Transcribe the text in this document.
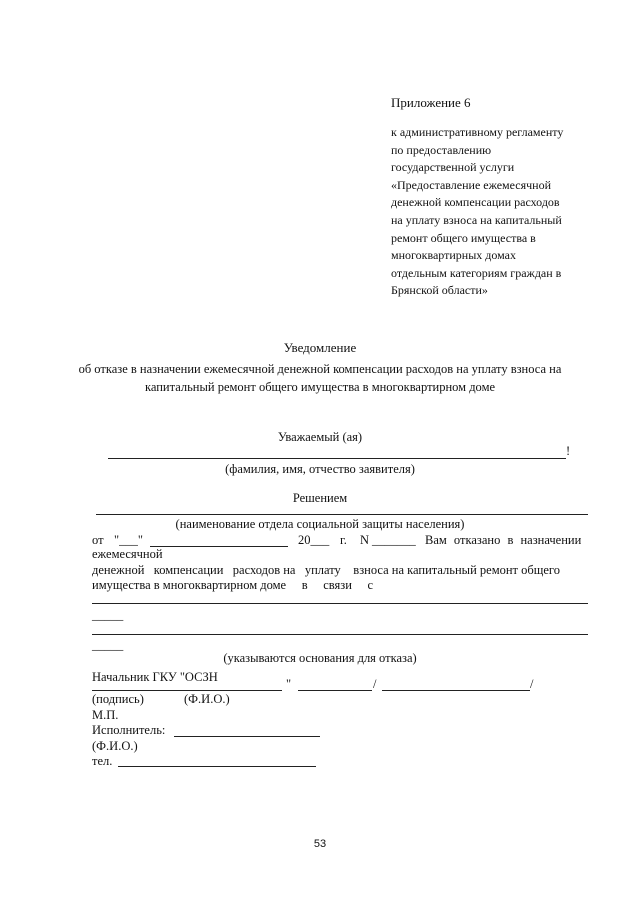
Приложение 6
к административному регламенту
по предоставлению
государственной услуги
«Предоставление ежемесячной
денежной компенсации расходов
на уплату взноса на капитальный
ремонт общего имущества в
многоквартирных домах
отдельным категориям граждан в
Брянской области»
Уведомление
об отказе в назначении ежемесячной денежной компенсации расходов на уплату взноса на
капитальный ремонт общего имущества в многоквартирном доме
Уважаемый (ая)
!
(фамилия, имя, отчество заявителя)
Решением
(наименование отдела социальной защиты населения)
от "___"	20___ г. N _______ Вам отказано в назначении
ежемесячной
денежной   компенсации   расходов на   уплату    взноса на капитальный ремонт общего
имущества в многоквартирном доме     в     связи     с
_____
_____
(указываются основания для отказа)
Начальник ГКУ "ОСЗН	"	/	/
(подпись)	(Ф.И.О.)
М.П.
Исполнитель:
(Ф.И.О.)
тел.
53
